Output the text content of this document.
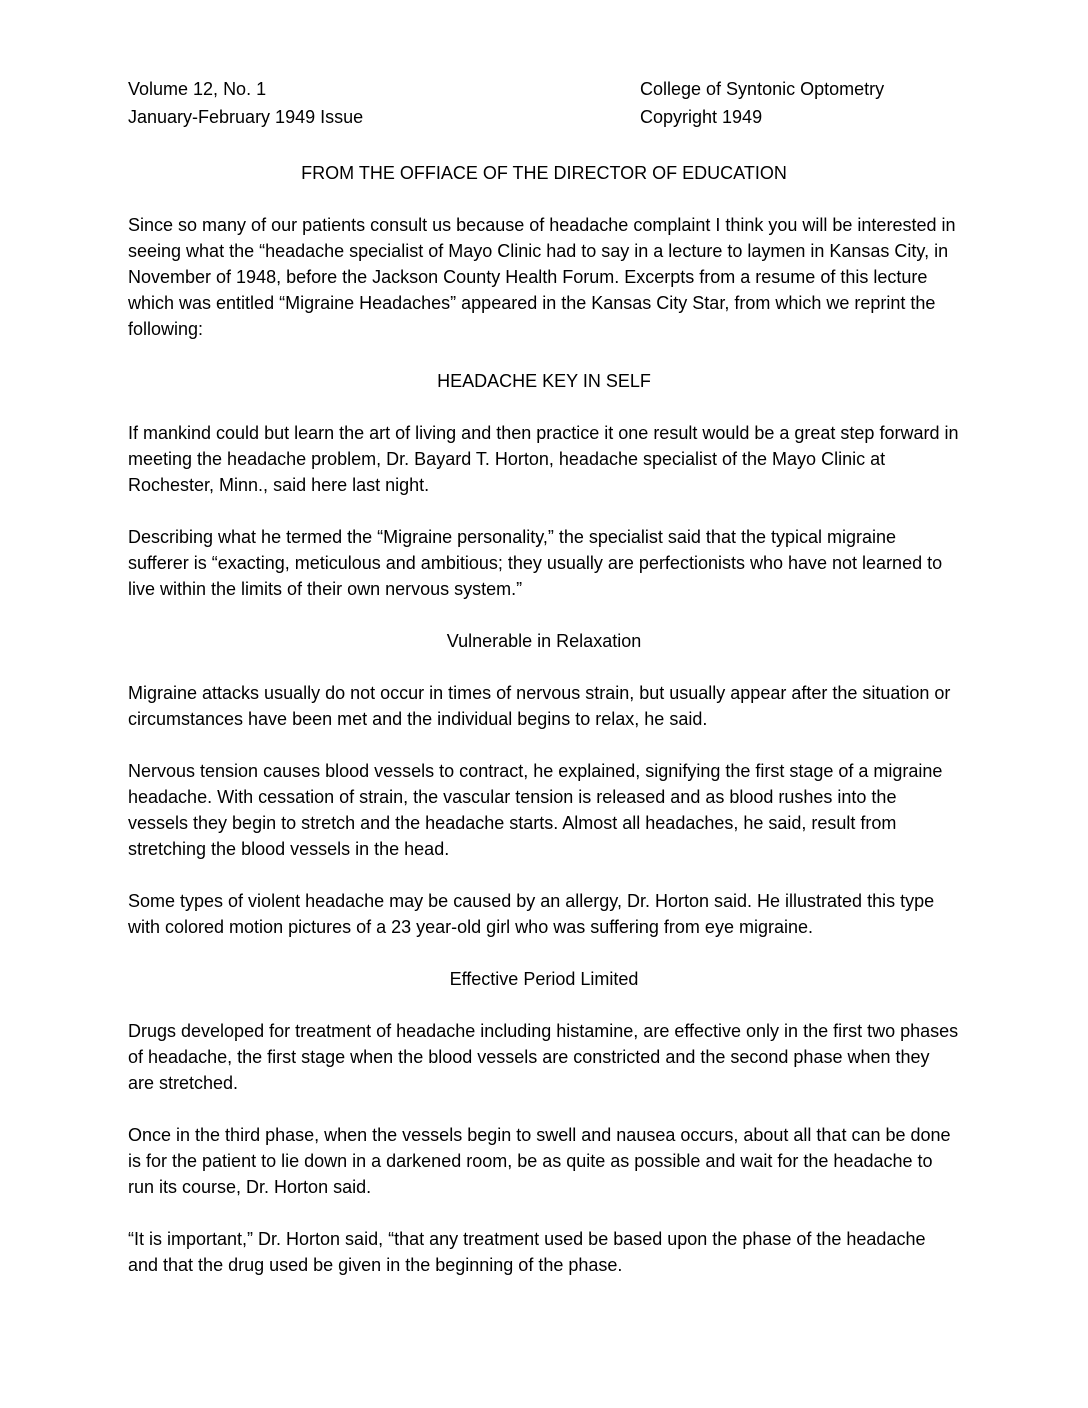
Volume 12, No. 1
January-February 1949 Issue
College of Syntonic Optometry
Copyright 1949
FROM THE OFFIACE OF THE DIRECTOR OF EDUCATION

Since so many of our patients consult us because of headache complaint I think you will be interested in seeing what the “headache specialist of Mayo Clinic had to say in a lecture to laymen in Kansas City, in November of 1948, before the Jackson County Health Forum. Excerpts from a resume of this lecture which was entitled “Migraine Headaches” appeared in the Kansas City Star, from which we reprint the following:

HEADACHE KEY IN SELF

If mankind could but learn the art of living and then practice it one result would be a great step forward in meeting the headache problem, Dr. Bayard T. Horton, headache specialist of the Mayo Clinic at Rochester, Minn., said here last night.

Describing what he termed the “Migraine personality,” the specialist said that the typical migraine sufferer is “exacting, meticulous and ambitious; they usually are perfectionists who have not learned to live within the limits of their own nervous system.”

Vulnerable in Relaxation

Migraine attacks usually do not occur in times of nervous strain, but usually appear after the situation or circumstances have been met and the individual begins to relax, he said.

Nervous tension causes blood vessels to contract, he explained, signifying the first stage of a migraine headache. With cessation of strain, the vascular tension is released and as blood rushes into the vessels they begin to stretch and the headache starts. Almost all headaches, he said, result from stretching the blood vessels in the head.

Some types of violent headache may be caused by an allergy, Dr. Horton said. He illustrated this type with colored motion pictures of a 23 year-old girl who was suffering from eye migraine.

Effective Period Limited

Drugs developed for treatment of headache including histamine, are effective only in the first two phases of headache, the first stage when the blood vessels are constricted and the second phase when they are stretched.

Once in the third phase, when the vessels begin to swell and nausea occurs, about all that can be done is for the patient to lie down in a darkened room, be as quite as possible and wait for the headache to run its course, Dr. Horton said.

“It is important,” Dr. Horton said, “that any treatment used be based upon the phase of the headache and that the drug used be given in the beginning of the phase.
